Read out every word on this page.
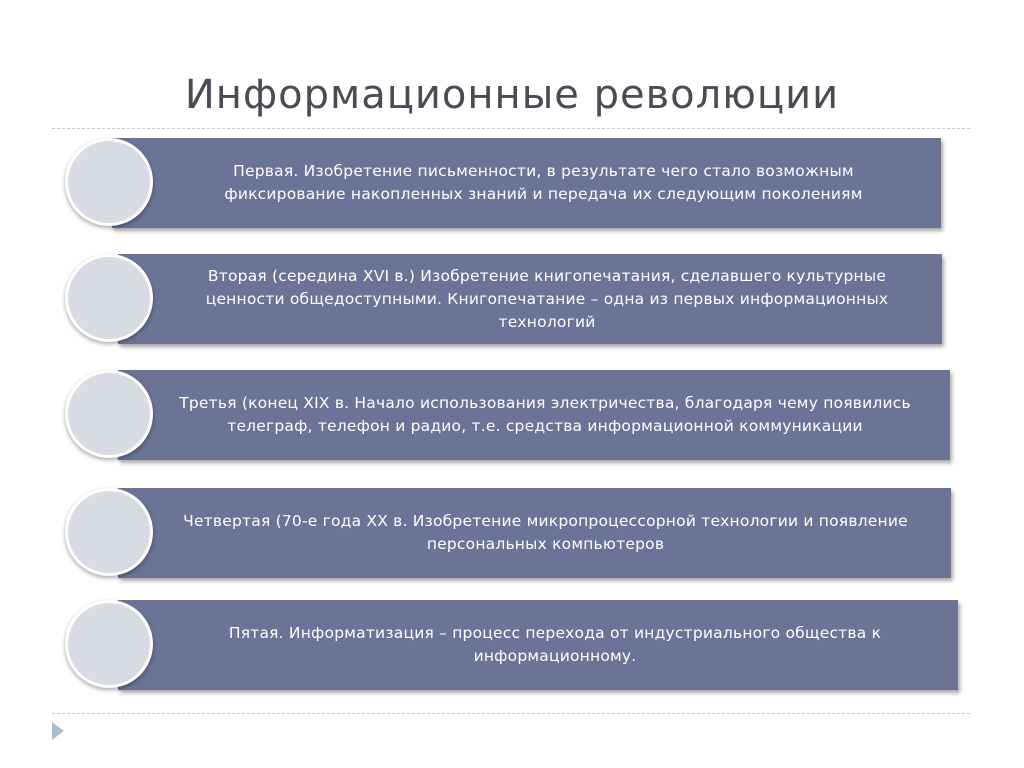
Информационные революции
Первая. Изобретение письменности, в результате чего стало возможным
фиксирование накопленных знаний и передача их следующим поколениям
Вторая (середина XVI в.) Изобретение книгопечатания, сделавшего культурные
ценности общедоступными. Книгопечатание – одна из первых информационных
технологий
Третья (конец XIX в. Начало использования электричества, благодаря чему появились
телеграф, телефон и радио, т.е. средства информационной коммуникации
Четвертая (70-е года XX в. Изобретение микропроцессорной технологии и появление
персональных компьютеров
Пятая. Информатизация – процесс перехода от индустриального общества к
информационному.
